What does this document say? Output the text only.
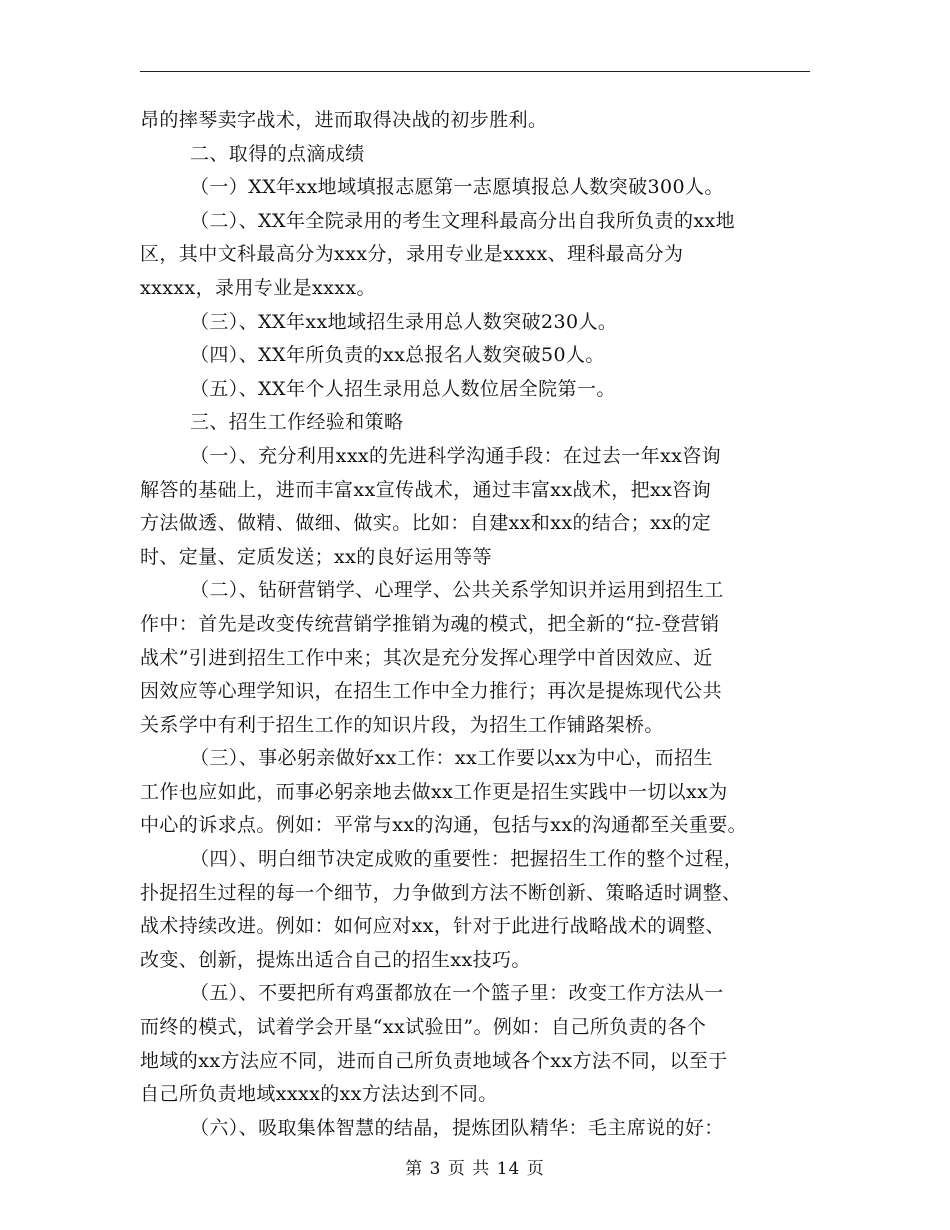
昂的摔琴卖字战术，进而取得决战的初步胜利。
二、取得的点滴成绩
（一）XX年xx地域填报志愿第一志愿填报总人数突破300人。
（二）、XX年全院录用的考生文理科最高分出自我所负责的xx地
区，其中文科最高分为xxx分，录用专业是xxxx、理科最高分为
xxxxx，录用专业是xxxx。
（三）、XX年xx地域招生录用总人数突破230人。
（四）、XX年所负责的xx总报名人数突破50人。
（五）、XX年个人招生录用总人数位居全院第一。
三、招生工作经验和策略
（一）、充分利用xxx的先进科学沟通手段：在过去一年xx咨询
解答的基础上，进而丰富xx宣传战术，通过丰富xx战术，把xx咨询
方法做透、做精、做细、做实。比如：自建xx和xx的结合；xx的定
时、定量、定质发送；xx的良好运用等等
（二）、钻研营销学、心理学、公共关系学知识并运用到招生工
作中：首先是改变传统营销学推销为魂的模式，把全新的“拉-登营销
战术”引进到招生工作中来；其次是充分发挥心理学中首因效应、近
因效应等心理学知识，在招生工作中全力推行；再次是提炼现代公共
关系学中有利于招生工作的知识片段，为招生工作铺路架桥。
（三）、事必躬亲做好xx工作：xx工作要以xx为中心，而招生
工作也应如此，而事必躬亲地去做xx工作更是招生实践中一切以xx为
中心的诉求点。例如：平常与xx的沟通，包括与xx的沟通都至关重要。
（四）、明白细节决定成败的重要性：把握招生工作的整个过程，
扑捉招生过程的每一个细节，力争做到方法不断创新、策略适时调整、
战术持续改进。例如：如何应对xx，针对于此进行战略战术的调整、
改变、创新，提炼出适合自己的招生xx技巧。
（五）、不要把所有鸡蛋都放在一个篮子里：改变工作方法从一
而终的模式，试着学会开垦“xx试验田”。例如：自己所负责的各个
地域的xx方法应不同，进而自己所负责地域各个xx方法不同，以至于
自己所负责地域xxxx的xx方法达到不同。
（六）、吸取集体智慧的结晶，提炼团队精华：毛主席说的好：
第 3 页 共 14 页
